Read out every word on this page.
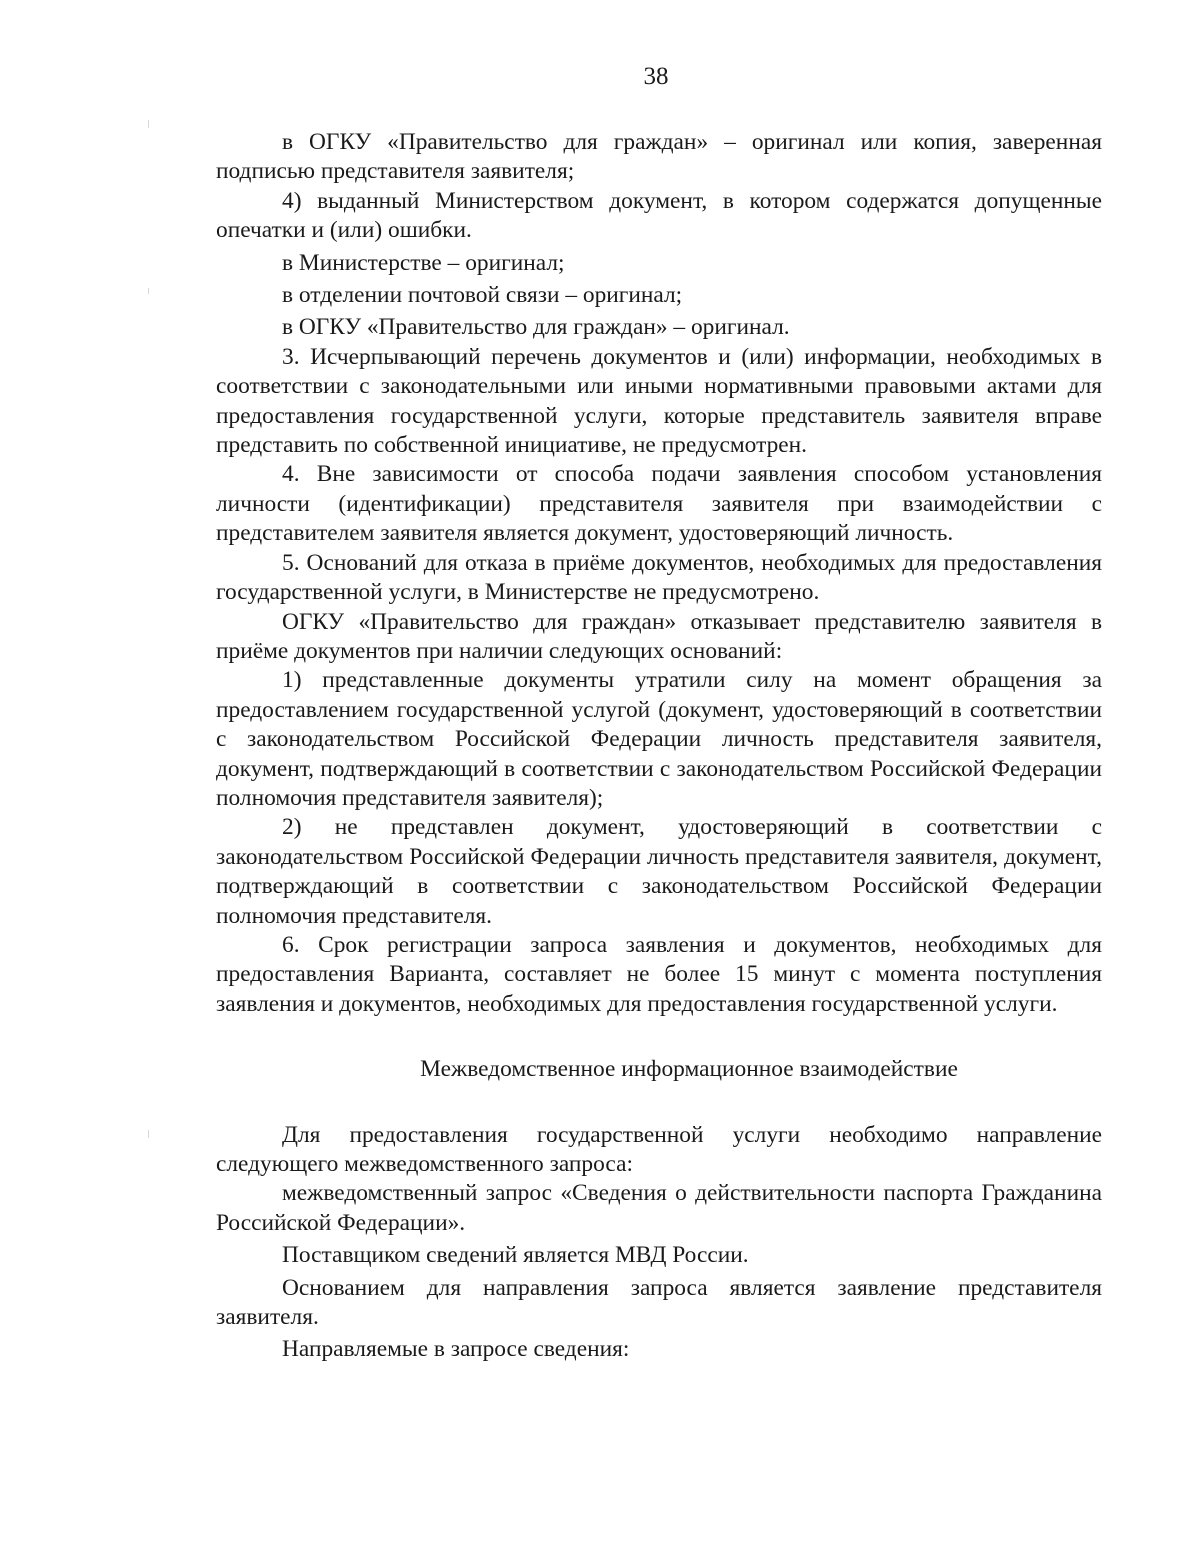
38

в ОГКУ «Правительство для граждан» – оригинал или копия, заверенная подписью представителя заявителя;

4) выданный Министерством документ, в котором содержатся допущенные опечатки и (или) ошибки.

в Министерстве – оригинал;

в отделении почтовой связи – оригинал;

в ОГКУ «Правительство для граждан» – оригинал.

3. Исчерпывающий перечень документов и (или) информации, необходимых в соответствии с законодательными или иными нормативными правовыми актами для предоставления государственной услуги, которые представитель заявителя вправе представить по собственной инициативе, не предусмотрен.

4. Вне зависимости от способа подачи заявления способом установления личности (идентификации) представителя заявителя при взаимодействии с представителем заявителя является документ, удостоверяющий личность.

5. Оснований для отказа в приёме документов, необходимых для предоставления государственной услуги, в Министерстве не предусмотрено.

ОГКУ «Правительство для граждан» отказывает представителю заявителя в приёме документов при наличии следующих оснований:

1) представленные документы утратили силу на момент обращения за предоставлением государственной услугой (документ, удостоверяющий в соответствии с законодательством Российской Федерации личность представителя заявителя, документ, подтверждающий в соответствии с законодательством Российской Федерации полномочия представителя заявителя);

2) не представлен документ, удостоверяющий в соответствии с законодательством Российской Федерации личность представителя заявителя, документ, подтверждающий в соответствии с законодательством Российской Федерации полномочия представителя.

6. Срок регистрации запроса заявления и документов, необходимых для предоставления Варианта, составляет не более 15 минут с момента поступления заявления и документов, необходимых для предоставления государственной услуги.

Межведомственное информационное взаимодействие

Для предоставления государственной услуги необходимо направление следующего межведомственного запроса:

межведомственный запрос «Сведения о действительности паспорта Гражданина Российской Федерации».

Поставщиком сведений является МВД России.

Основанием для направления запроса является заявление представителя заявителя.

Направляемые в запросе сведения:
